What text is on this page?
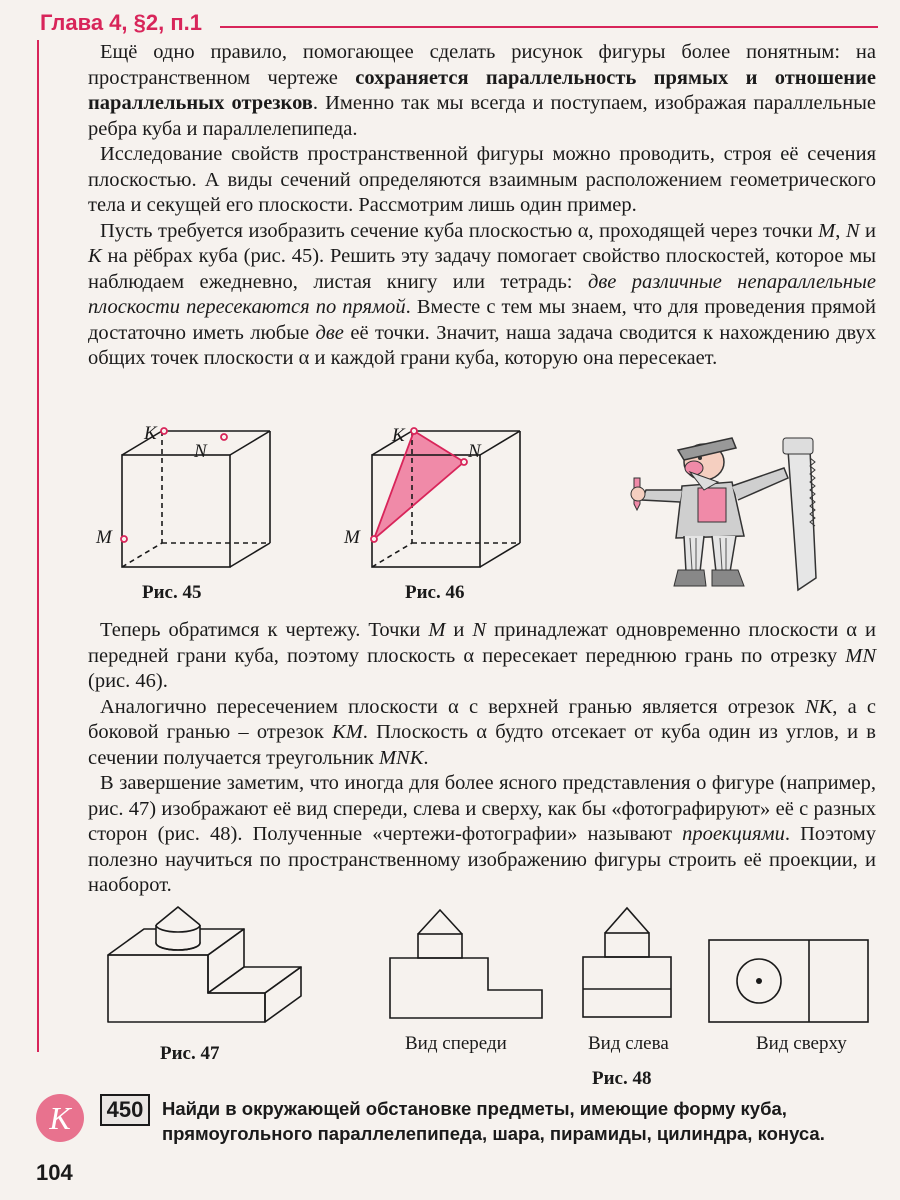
Глава 4, §2, п.1

Ещё одно правило, помогающее сделать рисунок фигуры более понятным: на пространственном чертеже сохраняется параллельность прямых и отношение параллельных отрезков. Именно так мы всегда и поступаем, изображая параллельные ребра куба и параллелепипеда.

Исследование свойств пространственной фигуры можно проводить, строя её сечения плоскостью. А виды сечений определяются взаимным расположением геометрического тела и секущей его плоскости. Рассмотрим лишь один пример.

Пусть требуется изобразить сечение куба плоскостью α, проходящей через точки M, N и K на рёбрах куба (рис. 45). Решить эту задачу помогает свойство плоскостей, которое мы наблюдаем ежедневно, листая книгу или тетрадь: две различные непараллельные плоскости пересекаются по прямой. Вместе с тем мы знаем, что для проведения прямой достаточно иметь любые две её точки. Значит, наша задача сводится к нахождению двух общих точек плоскости α и каждой грани куба, которую она пересекает.

K
N
M
Рис. 45
K
N
M
Рис. 46

Теперь обратимся к чертежу. Точки M и N принадлежат одновременно плоскости α и передней грани куба, поэтому плоскость α пересекает переднюю грань по отрезку MN (рис. 46).

Аналогично пересечением плоскости α с верхней гранью является отрезок NK, а с боковой гранью – отрезок KM. Плоскость α будто отсекает от куба один из углов, и в сечении получается треугольник MNK.

В завершение заметим, что иногда для более ясного представления о фигуре (например, рис. 47) изображают её вид спереди, слева и сверху, как бы «фотографируют» её с разных сторон (рис. 48). Полученные «чертежи-фотографии» называют проекциями. Поэтому полезно научиться по пространственному изображению фигуры строить её проекции, и наоборот.

Рис. 47	Вид спереди	Вид слева	Вид сверху
Рис. 48
К	450	Найди в окружающей обстановке предметы, имеющие форму куба, прямоугольного параллелепипеда, шара, пирамиды, цилиндра, конуса.
104
